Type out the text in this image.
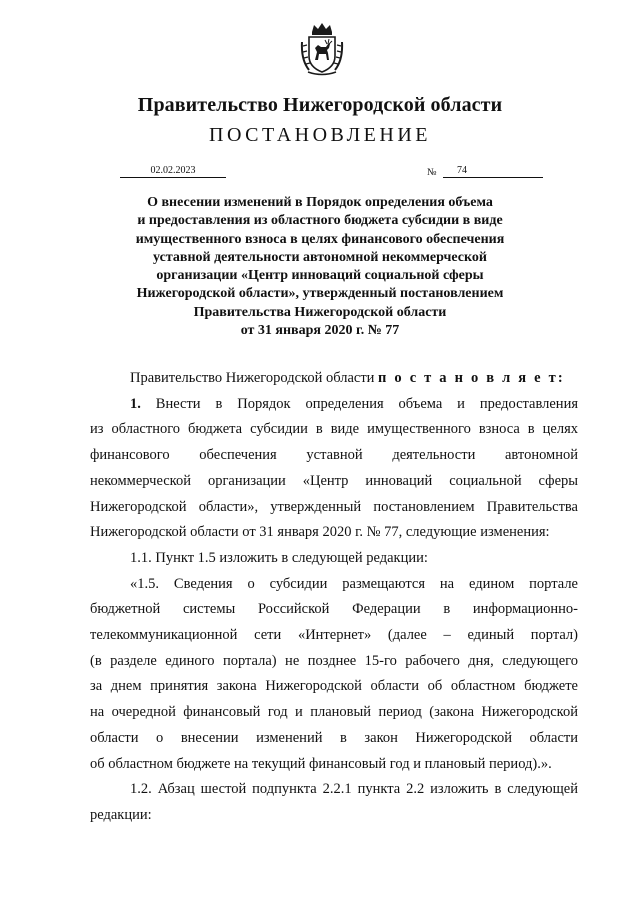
Правительство Нижегородской области
ПОСТАНОВЛЕНИЕ
02.02.2023	№	74
О внесении изменений в Порядок определения объема
и предоставления из областного бюджета субсидии в виде
имущественного взноса в целях финансового обеспечения
уставной деятельности автономной некоммерческой
организации «Центр инноваций социальной сферы
Нижегородской области», утвержденный постановлением
Правительства Нижегородской области
от 31 января 2020 г. № 77

Правительство Нижегородской области п о с т а н о в л я е т:

1. Внести в Порядок определения объема и предоставления
из областного бюджета субсидии в виде имущественного взноса в целях
финансового обеспечения уставной деятельности автономной
некоммерческой организации «Центр инноваций социальной сферы
Нижегородской области», утвержденный постановлением Правительства
Нижегородской области от 31 января 2020 г. № 77, следующие изменения:
1.1. Пункт 1.5 изложить в следующей редакции:
«1.5. Сведения о субсидии размещаются на едином портале
бюджетной системы Российской Федерации в информационно-
телекоммуникационной сети «Интернет» (далее – единый портал)
(в разделе единого портала) не позднее 15-го рабочего дня, следующего
за днем принятия закона Нижегородской области об областном бюджете
на очередной финансовый год и плановый период (закона Нижегородской
области о внесении изменений в закон Нижегородской области
об областном бюджете на текущий финансовый год и плановый период).».
1.2. Абзац шестой подпункта 2.2.1 пункта 2.2 изложить в следующей
редакции:
